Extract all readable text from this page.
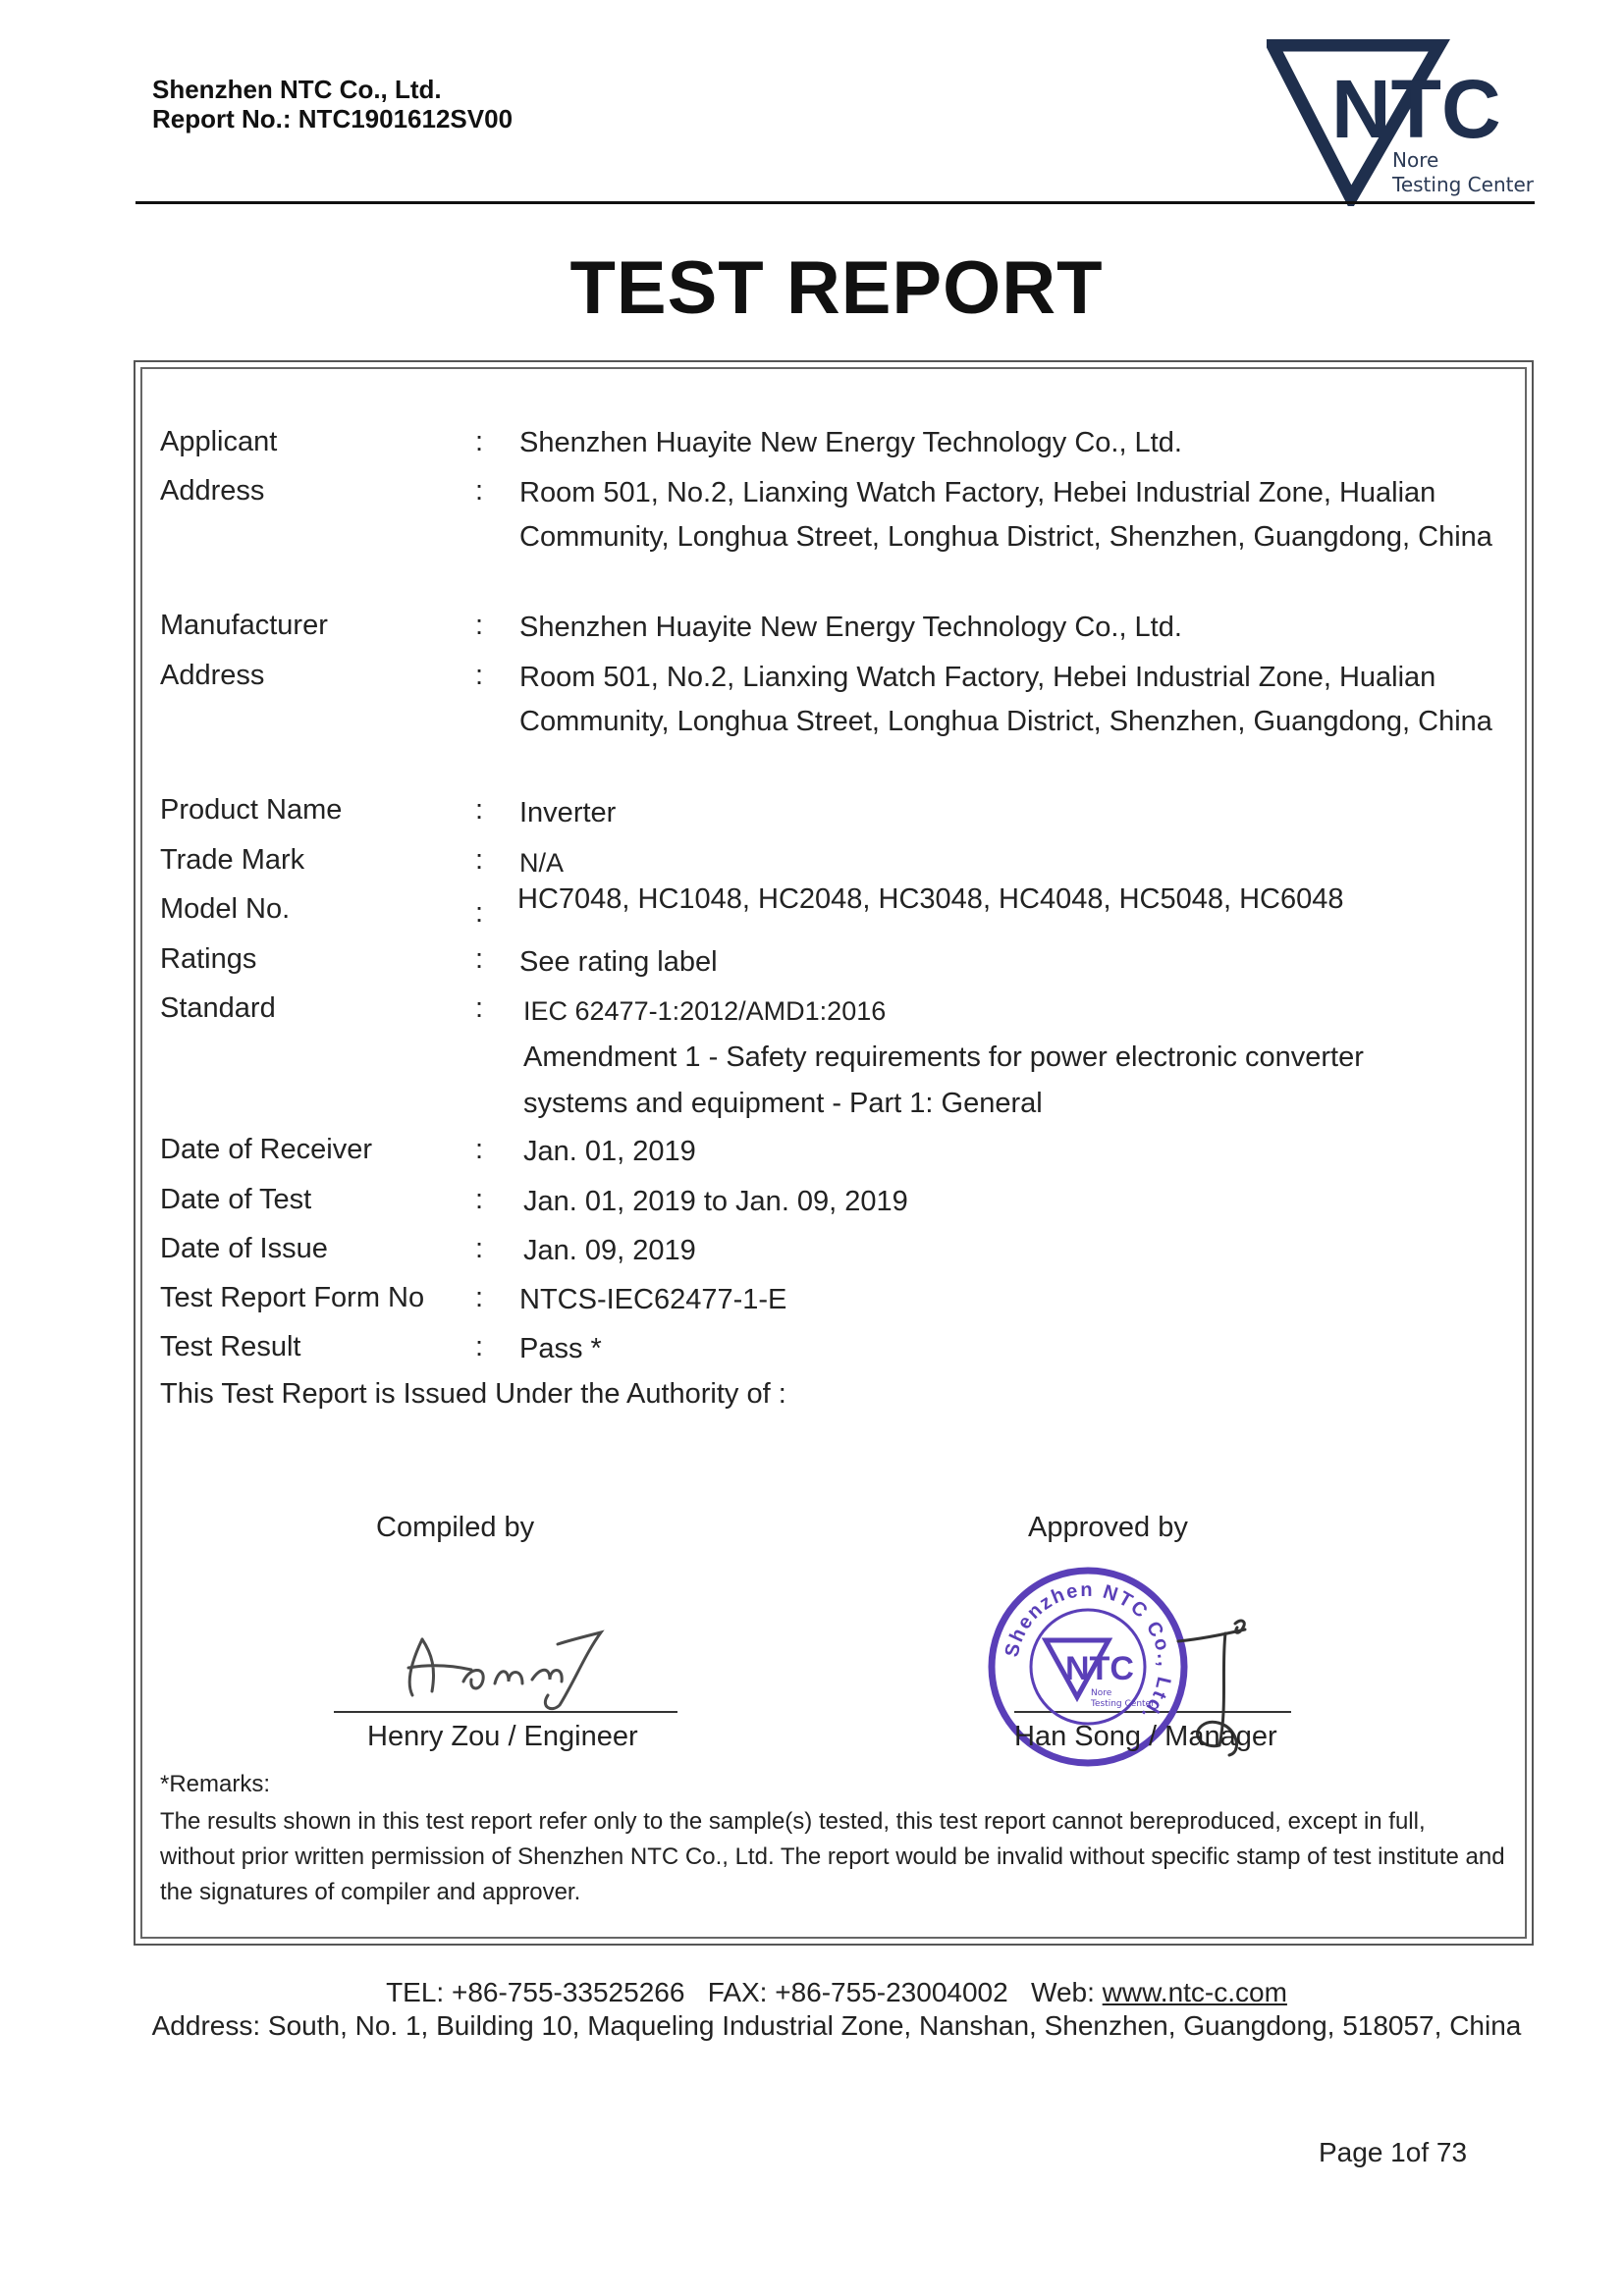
Shenzhen NTC Co., Ltd.
Report No.: NTC1901612SV00	NTC
Nore
Testing Center
TEST REPORT
Applicant	: Shenzhen Huayite New Energy Technology Co., Ltd.
Address	: Room 501, No.2, Lianxing Watch Factory, Hebei Industrial Zone, Hualian
Community, Longhua Street, Longhua District, Shenzhen, Guangdong, China
Manufacturer	: Shenzhen Huayite New Energy Technology Co., Ltd.
Address	: Room 501, No.2, Lianxing Watch Factory, Hebei Industrial Zone, Hualian
Community, Longhua Street, Longhua District, Shenzhen, Guangdong, China
Product Name	: Inverter
Trade Mark	: N/A
Model No.	: HC7048, HC1048, HC2048, HC3048, HC4048, HC5048, HC6048
Ratings	: See rating label
Standard	: IEC 62477-1:2012/AMD1:2016
Amendment 1 - Safety requirements for power electronic converter
systems and equipment - Part 1: General
Date of Receiver	: Jan. 01, 2019
Date of Test	: Jan. 01, 2019 to Jan. 09, 2019
Date of Issue	: Jan. 09, 2019
Test Report Form No : NTCS-IEC62477-1-E
Test Result	: Pass *
This Test Report is Issued Under the Authority of :
Compiled by	Approved by
Shenzhen NTC Co., Ltd.
NTC
Nore
Testing Center
Henry Zou / Engineer	Han Song / Manager
*Remarks:
The results shown in this test report refer only to the sample(s) tested, this test report cannot bereproduced, except in full, without prior written permission of Shenzhen NTC Co., Ltd. The report would be invalid without specific stamp of test institute and the signatures of compiler and approver.
TEL: +86-755-33525266 FAX: +86-755-23004002 Web: www.ntc-c.com
Address: South, No. 1, Building 10, Maqueling Industrial Zone, Nanshan, Shenzhen, Guangdong, 518057, China
Page 1of 73
